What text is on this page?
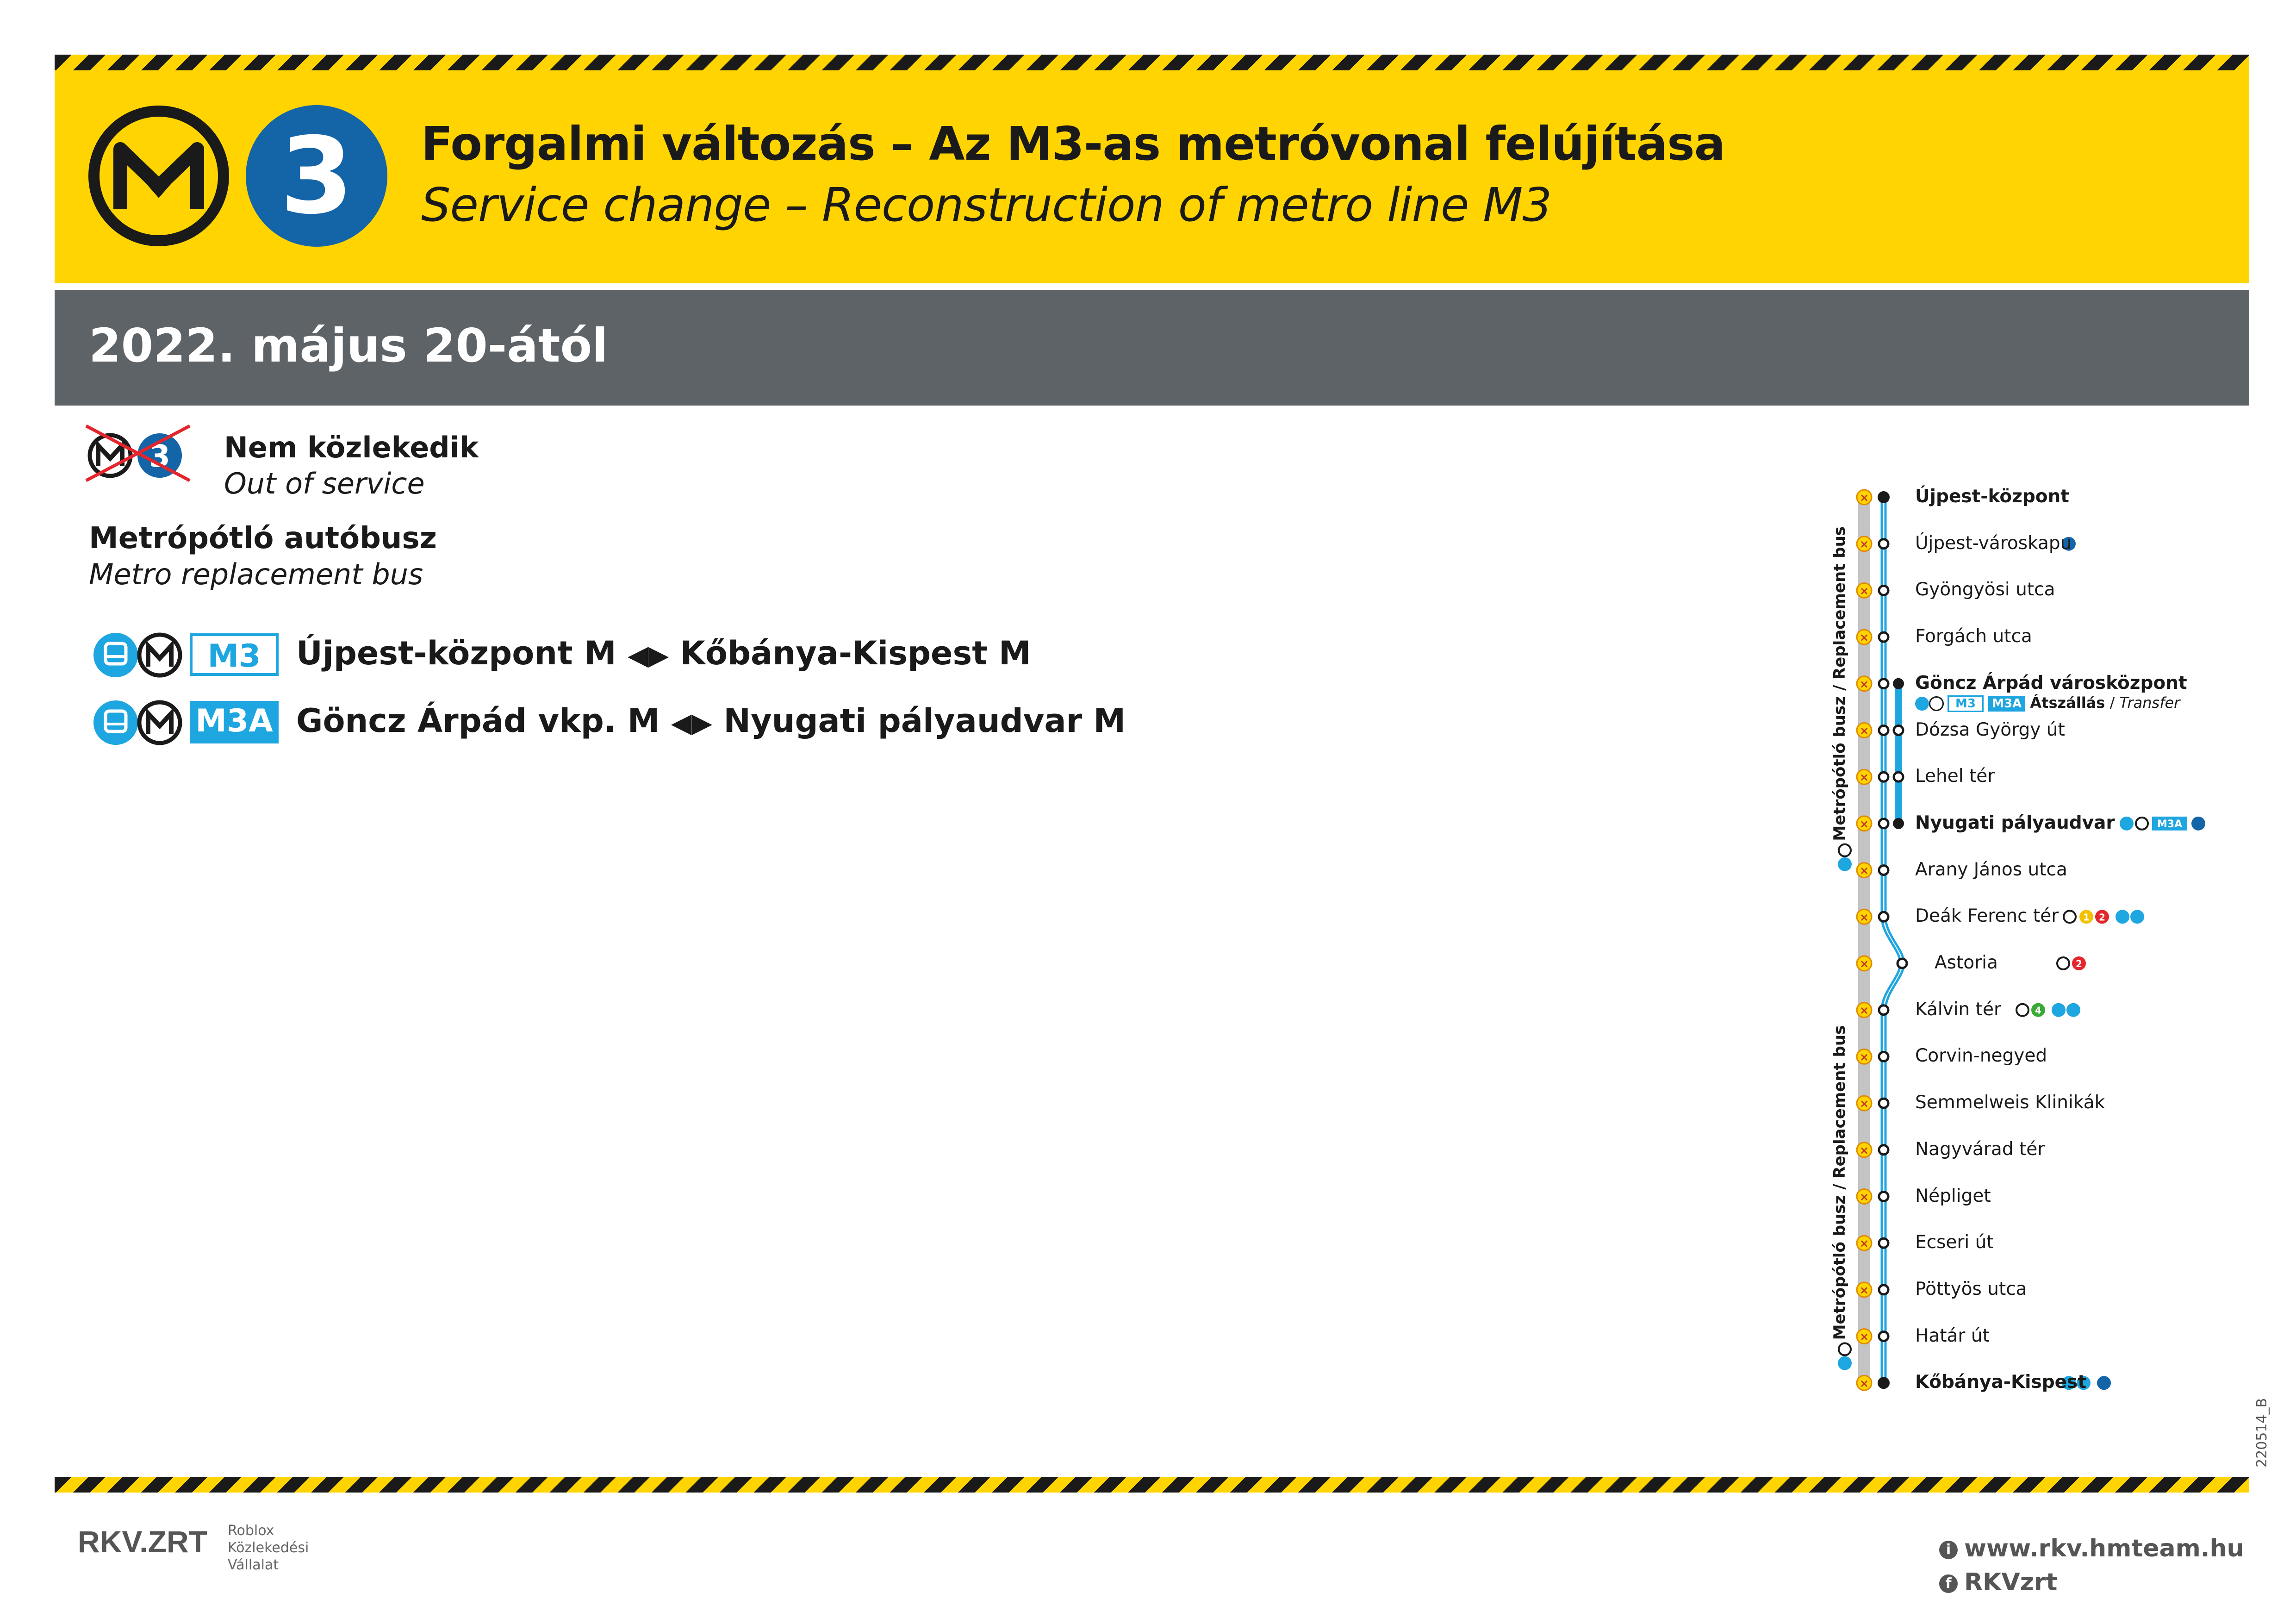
3	Forgalmi változás – Az M3-as metróvonal felújítása
Service change – Reconstruction of metro line M3
2022. május 20-ától
3 Nem közlekedik
Out of service
Metrópótló autóbusz
Metro replacement bus
M3	Újpest-központ M ◀▶ Kőbánya-Kispest M
M3A Göncz Árpád vkp. M ◀▶ Nyugati pályaudvar M	Metrópótló busz / Replacement bus
Metrópótló busz / Replacement bus
×
×
×
×
×
×
×
×
×
×
×
×
×
×
×
×
×
×
×
×
M3A
1 2
2
4
Újpest-központ
Újpest-városkapu
Gyöngyösi utca
Forgách utca
Göncz Árpád városközpont
Dózsa György út
Lehel tér
Nyugati pályaudvar
Arany János utca
Deák Ferenc tér
Astoria
Kálvin tér
Corvin-negyed
Semmelweis Klinikák
Nagyvárad tér
Népliget
Ecseri út
Pöttyös utca
Határ út
Kőbánya-Kispest
M3 M3A Átszállás / Transfer
220514_B
RKV.ZRT Roblox
Közlekedési
Vállalat
i www.rkv.hmteam.hu
f RKVzrt
